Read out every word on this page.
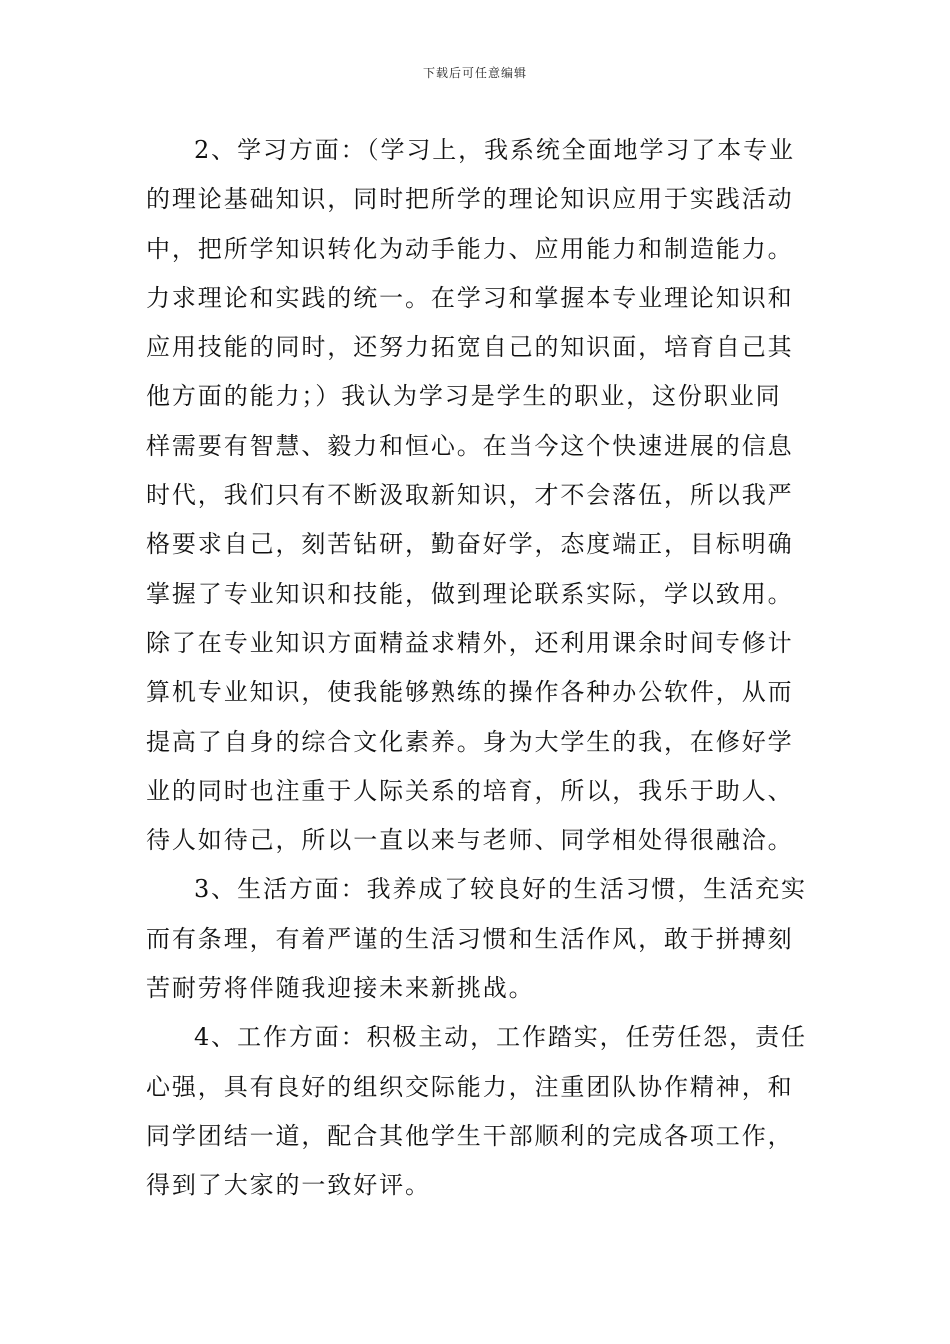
下载后可任意编辑
2、学习方面：（学习上，我系统全面地学习了本专业
的理论基础知识，同时把所学的理论知识应用于实践活动
中，把所学知识转化为动手能力、应用能力和制造能力。
力求理论和实践的统一。在学习和掌握本专业理论知识和
应用技能的同时，还努力拓宽自己的知识面，培育自己其
他方面的能力；）我认为学习是学生的职业，这份职业同
样需要有智慧、毅力和恒心。在当今这个快速进展的信息
时代，我们只有不断汲取新知识，才不会落伍，所以我严
格要求自己，刻苦钻研，勤奋好学，态度端正，目标明确
掌握了专业知识和技能，做到理论联系实际，学以致用。
除了在专业知识方面精益求精外，还利用课余时间专修计
算机专业知识，使我能够熟练的操作各种办公软件，从而
提高了自身的综合文化素养。身为大学生的我，在修好学
业的同时也注重于人际关系的培育，所以，我乐于助人、
待人如待己，所以一直以来与老师、同学相处得很融洽。
3、生活方面：我养成了较良好的生活习惯，生活充实
而有条理，有着严谨的生活习惯和生活作风，敢于拼搏刻
苦耐劳将伴随我迎接未来新挑战。
4、工作方面：积极主动，工作踏实，任劳任怨，责任
心强，具有良好的组织交际能力，注重团队协作精神，和
同学团结一道，配合其他学生干部顺利的完成各项工作，
得到了大家的一致好评。
